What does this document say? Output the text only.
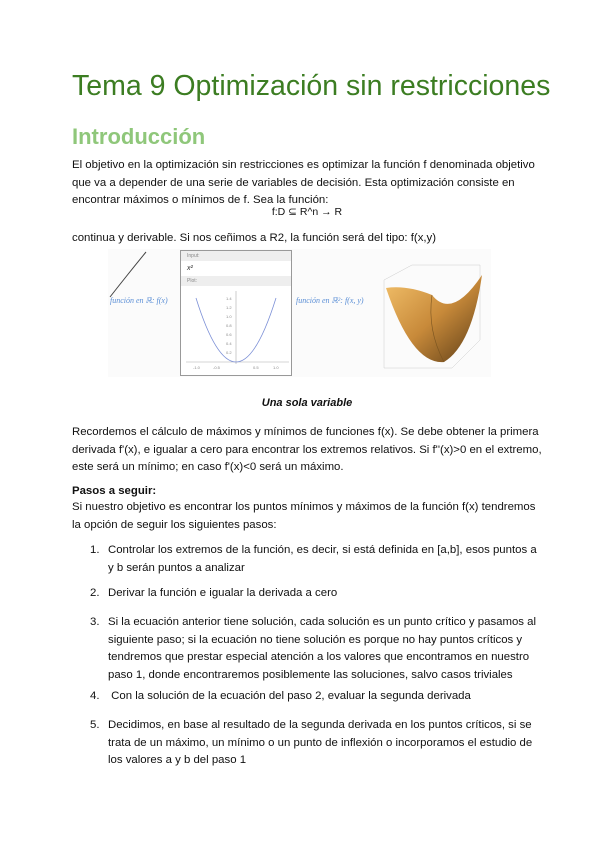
Tema 9 Optimización sin restricciones
Introducción
El objetivo en la optimización sin restricciones es optimizar la función f denominada objetivo que va a depender de una serie de variables de decisión. Esta optimización consiste en encontrar máximos o mínimos de f. Sea la función:
f:D ⊆ R^n → R
continua y derivable. Si nos ceñimos a R2, la función será del tipo: f(x,y)
función en ℝ: f(x)
Input:
x²
Plot:
1.4
1.2
1.0
0.8
0.6
0.4
0.2
-1.0	-0.5	0.5	1.0
función en ℝ²: f(x, y)
Una sola variable
Recordemos el cálculo de máximos y mínimos de funciones f(x). Se debe obtener la primera derivada f'(x), e igualar a cero para encontrar los extremos relativos. Si f''(x)>0 en el extremo, este será un mínimo; en caso f'(x)<0 será un máximo.
Pasos a seguir:
Si nuestro objetivo es encontrar los puntos mínimos y máximos de la función f(x) tendremos la opción de seguir los siguientes pasos:
1. Controlar los extremos de la función, es decir, si está definida en [a,b], esos puntos a y b serán puntos a analizar
2. Derivar la función e igualar la derivada a cero
3. Si la ecuación anterior tiene solución, cada solución es un punto crítico y pasamos al siguiente paso; si la ecuación no tiene solución es porque no hay puntos críticos y tendremos que prestar especial atención a los valores que encontramos en nuestro paso 1, donde encontraremos posiblemente las soluciones, salvo casos triviales
4. Con la solución de la ecuación del paso 2, evaluar la segunda derivada
5. Decidimos, en base al resultado de la segunda derivada en los puntos críticos, si se trata de un máximo, un mínimo o un punto de inflexión o incorporamos el estudio de los valores a y b del paso 1
